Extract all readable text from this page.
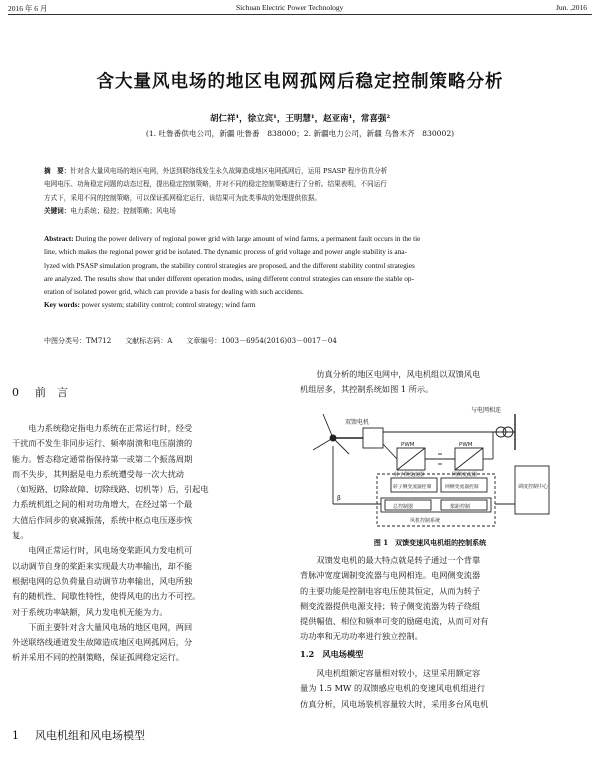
2016 年 6 月	Sichuan Electric Power Technology	Jun. ,2016
含大量风电场的地区电网孤网后稳定控制策略分析
胡仁祥¹，徐立宾¹，王明慧¹，赵亚南¹，常喜强²
(1. 吐鲁番供电公司，新疆 吐鲁番　838000；2. 新疆电力公司，新疆 乌鲁木齐　830002)

摘　要：针对含大量风电场的地区电网，外送到联络线发生永久故障造成地区电网孤网后，运用 PSASP 程序仿真分析

电网电压、功角稳定问题的动态过程，提出稳定控制策略，并对不同的稳定控制策略进行了分析。结果表明，不同运行

方式下，采用不同的控制策略，可以保证孤网稳定运行，该结果可为此类事故的处理提供依据。

关键词：电力系统；稳控；控制策略；风电场

Abstract: During the power delivery of regional power grid with large amount of wind farms, a permanent fault occurs in the tie

line, which makes the regional power grid be isolated. The dynamic process of grid voltage and power angle stability is ana-

lyzed with PSASP simulation program, the stability control strategies are proposed, and the different stability control strategies

are analyzed. The results show that under different operation modes, using different control strategies can ensure the stable op-

eration of isolated power grid, which can provide a basis for dealing with such accidents.

Key words: power system; stability control; control strategy; wind farm

中图分类号：TM712　　文献标志码：A　　文章编号：1003－6954(2016)03－0017－04
0 前　言

电力系统稳定指电力系统在正常运行时，经受
干扰而不发生非同步运行、频率崩溃和电压崩溃的
能力。暂态稳定通常指保持第一或第二个振荡周期
而不失步，其判据是电力系统遭受每一次大扰动
（如短路、切除故障、切除线路、切机等）后，引起电
力系统机组之间的相对功角增大，在经过第一个最
大值后作同步的衰减振荡，系统中枢点电压逐步恢
复。

电网正常运行时，风电场变桨距风力发电机可
以动调节自身的桨距来实现最大功率输出，却不能
根据电网的总负荷量自动调节功率输出，风电所独
有的随机性、间歇性特性，使得风电的出力不可控。
对于系统功率缺额，风力发电机无能为力。

下面主要针对含大量风电场的地区电网，两回
外送联络线通道发生故障造成地区电网孤网后，分
析并采用不同的控制策略，保证孤网稳定运行。

1 风电机组和风电场模型

仿真分析的地区电网中，风电机组以双馈风电
机组居多，其控制系统如图 1 所示。

与电网相连
双馈电机
PWM	PWM
转子侧变流器	网侧变流器
转子侧变流器控制	网侧变流器控制
总控制器	桨距控制
风机控制系统
调度控制中心
β
图 1　双馈变速风电机组的控制系统

双馈发电机的最大特点就是转子通过一个背靠
背脉冲宽度调制变流器与电网相连。电网侧变流器
的主要功能是控制电容电压使其恒定，从而为转子
侧变流器提供电源支持；转子侧变流器为转子绕组
提供幅值、相位和频率可变的励磁电流，从而可对有
功功率和无功功率进行独立控制。

1.2　风电场模型

风电机组额定容量相对较小，这里采用额定容
量为 1.5 MW 的双馈感应电机的变速风电机组进行
仿真分析，风电场装机容量较大时，采用多台风电机
